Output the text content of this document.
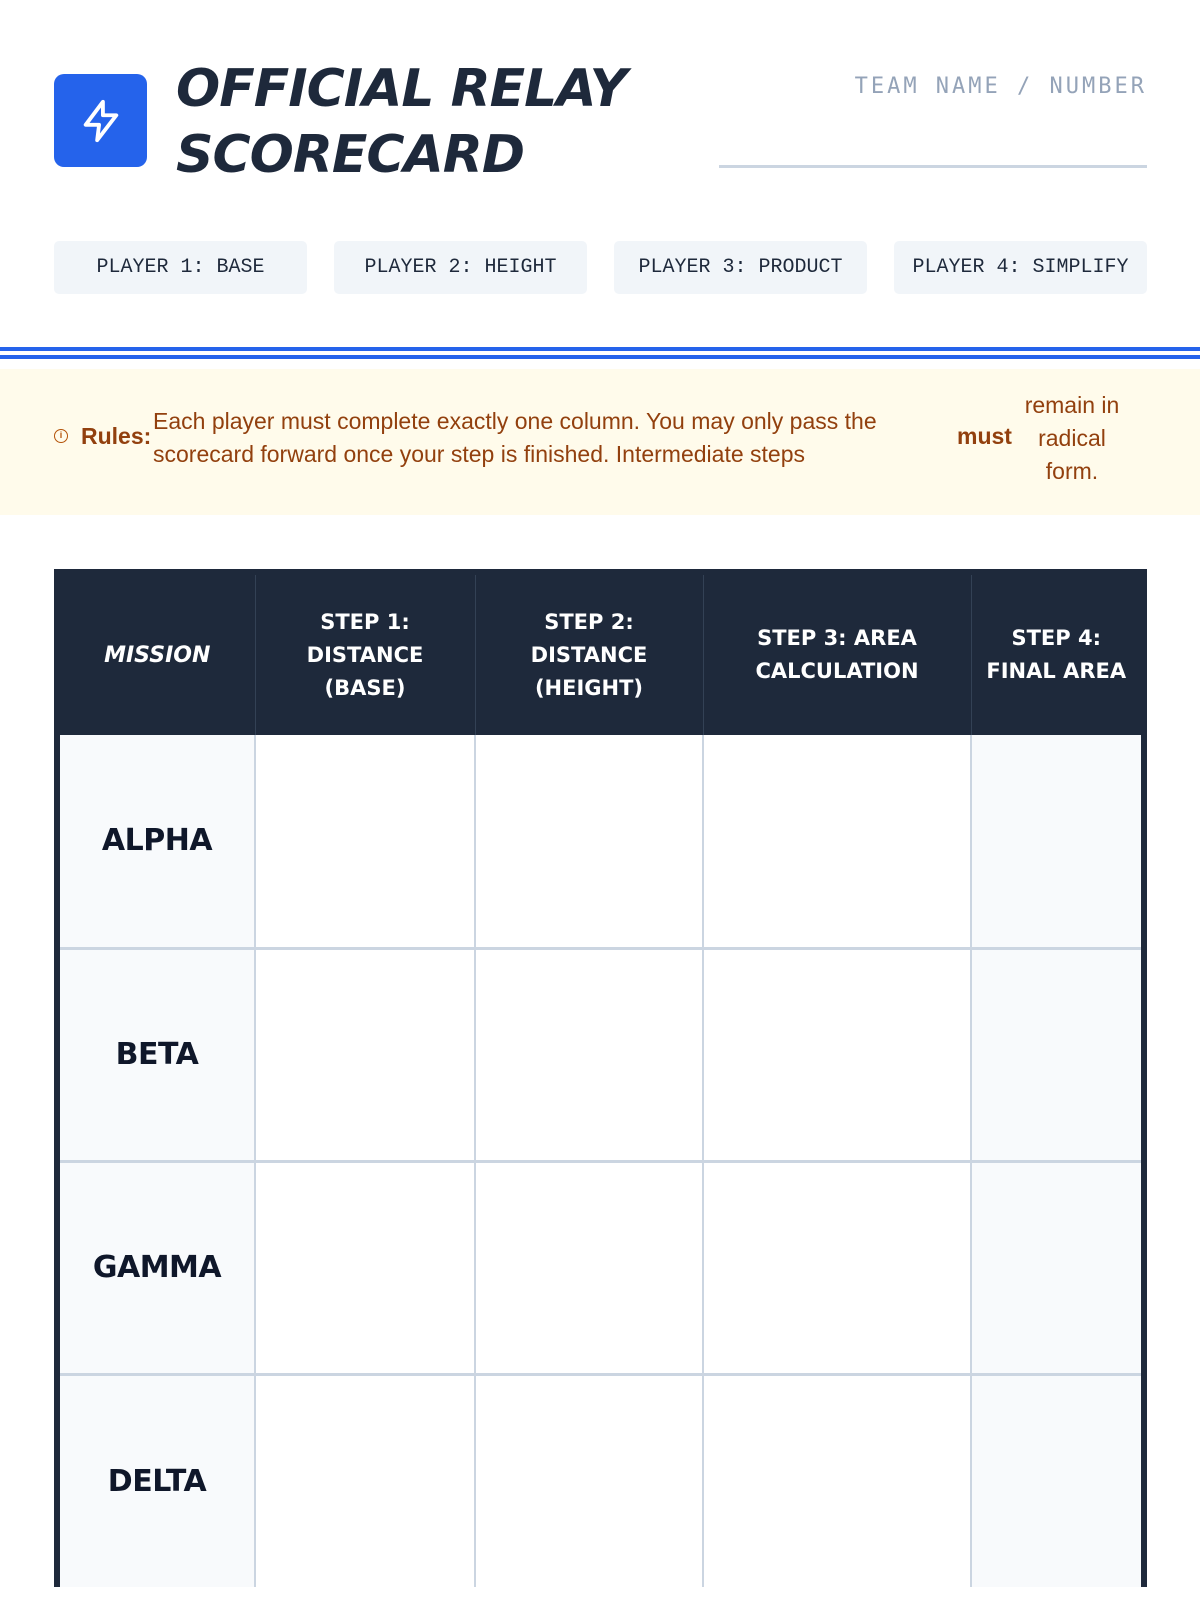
OFFICIAL RELAY
SCORECARD
TEAM NAME / NUMBER
PLAYER 1: BASE	PLAYER 2: HEIGHT	PLAYER 3: PRODUCT	PLAYER 4: SIMPLIFY
i Rules:
Each player must complete exactly one column. You may only pass the scorecard forward once your step is finished. Intermediate steps
must
remain in radical form.
MISSION	STEP 1: DISTANCE (BASE)	STEP 2: DISTANCE (HEIGHT)	STEP 3: AREA CALCULATION	STEP 4: FINAL AREA
ALPHA				
BETA				
GAMMA				
DELTA				
